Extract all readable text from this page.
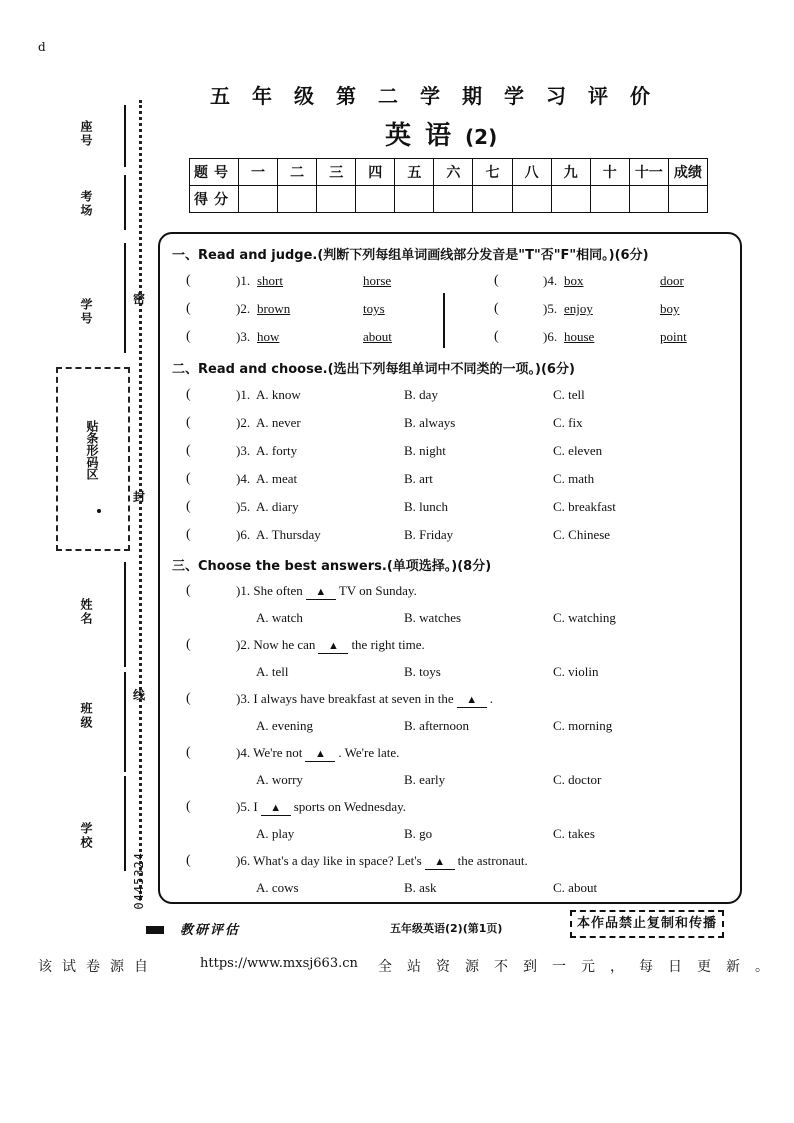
d
座号
考场
学号
姓名
班级
学校
密
封
线
贴条形码区
0445324
五年级第二学期学习评价
英语(2)
题号	一	二	三	四	五	六	七	八	九	十	十一	成绩
得分												
一、Read and judge.(判断下列每组单词画线部分发音是"T"否"F"相同。)(6分)
(	)1. short	horse
(	)2. brown	toys
(	)3. how	about
(	)4. box	door
(	)5. enjoy	boy
(	)6. house	point
二、Read and choose.(选出下列每组单词中不同类的一项。)(6分)
(	)1. A. know	B. day	C. tell
(	)2. A. never	B. always	C. fix
(	)3. A. forty	B. night	C. eleven
(	)4. A. meat	B. art	C. math
(	)5. A. diary	B. lunch	C. breakfast
(	)6. A. Thursday	B. Friday	C. Chinese
三、Choose the best answers.(单项选择。)(8分)
(	)1. She often ▲ TV on Sunday.
A. watch	B. watches	C. watching
(	)2. Now he can ▲ the right time.
A. tell	B. toys	C. violin
(	)3. I always have breakfast at seven in the ▲ .
A. evening	B. afternoon	C. morning
(	)4. We're not ▲ . We're late.
A. worry	B. early	C. doctor
(	)5. I ▲ sports on Wednesday.
A. play	B. go	C. takes
(	)6. What's a day like in space? Let's ▲ the astronaut.
A. cows	B. ask	C. about
教研评估	五年级英语(2)(第1页)	本作品禁止复制和传播
该试卷源自	https://www.mxsj663.cn 全站资源不到一元，每日更新。
